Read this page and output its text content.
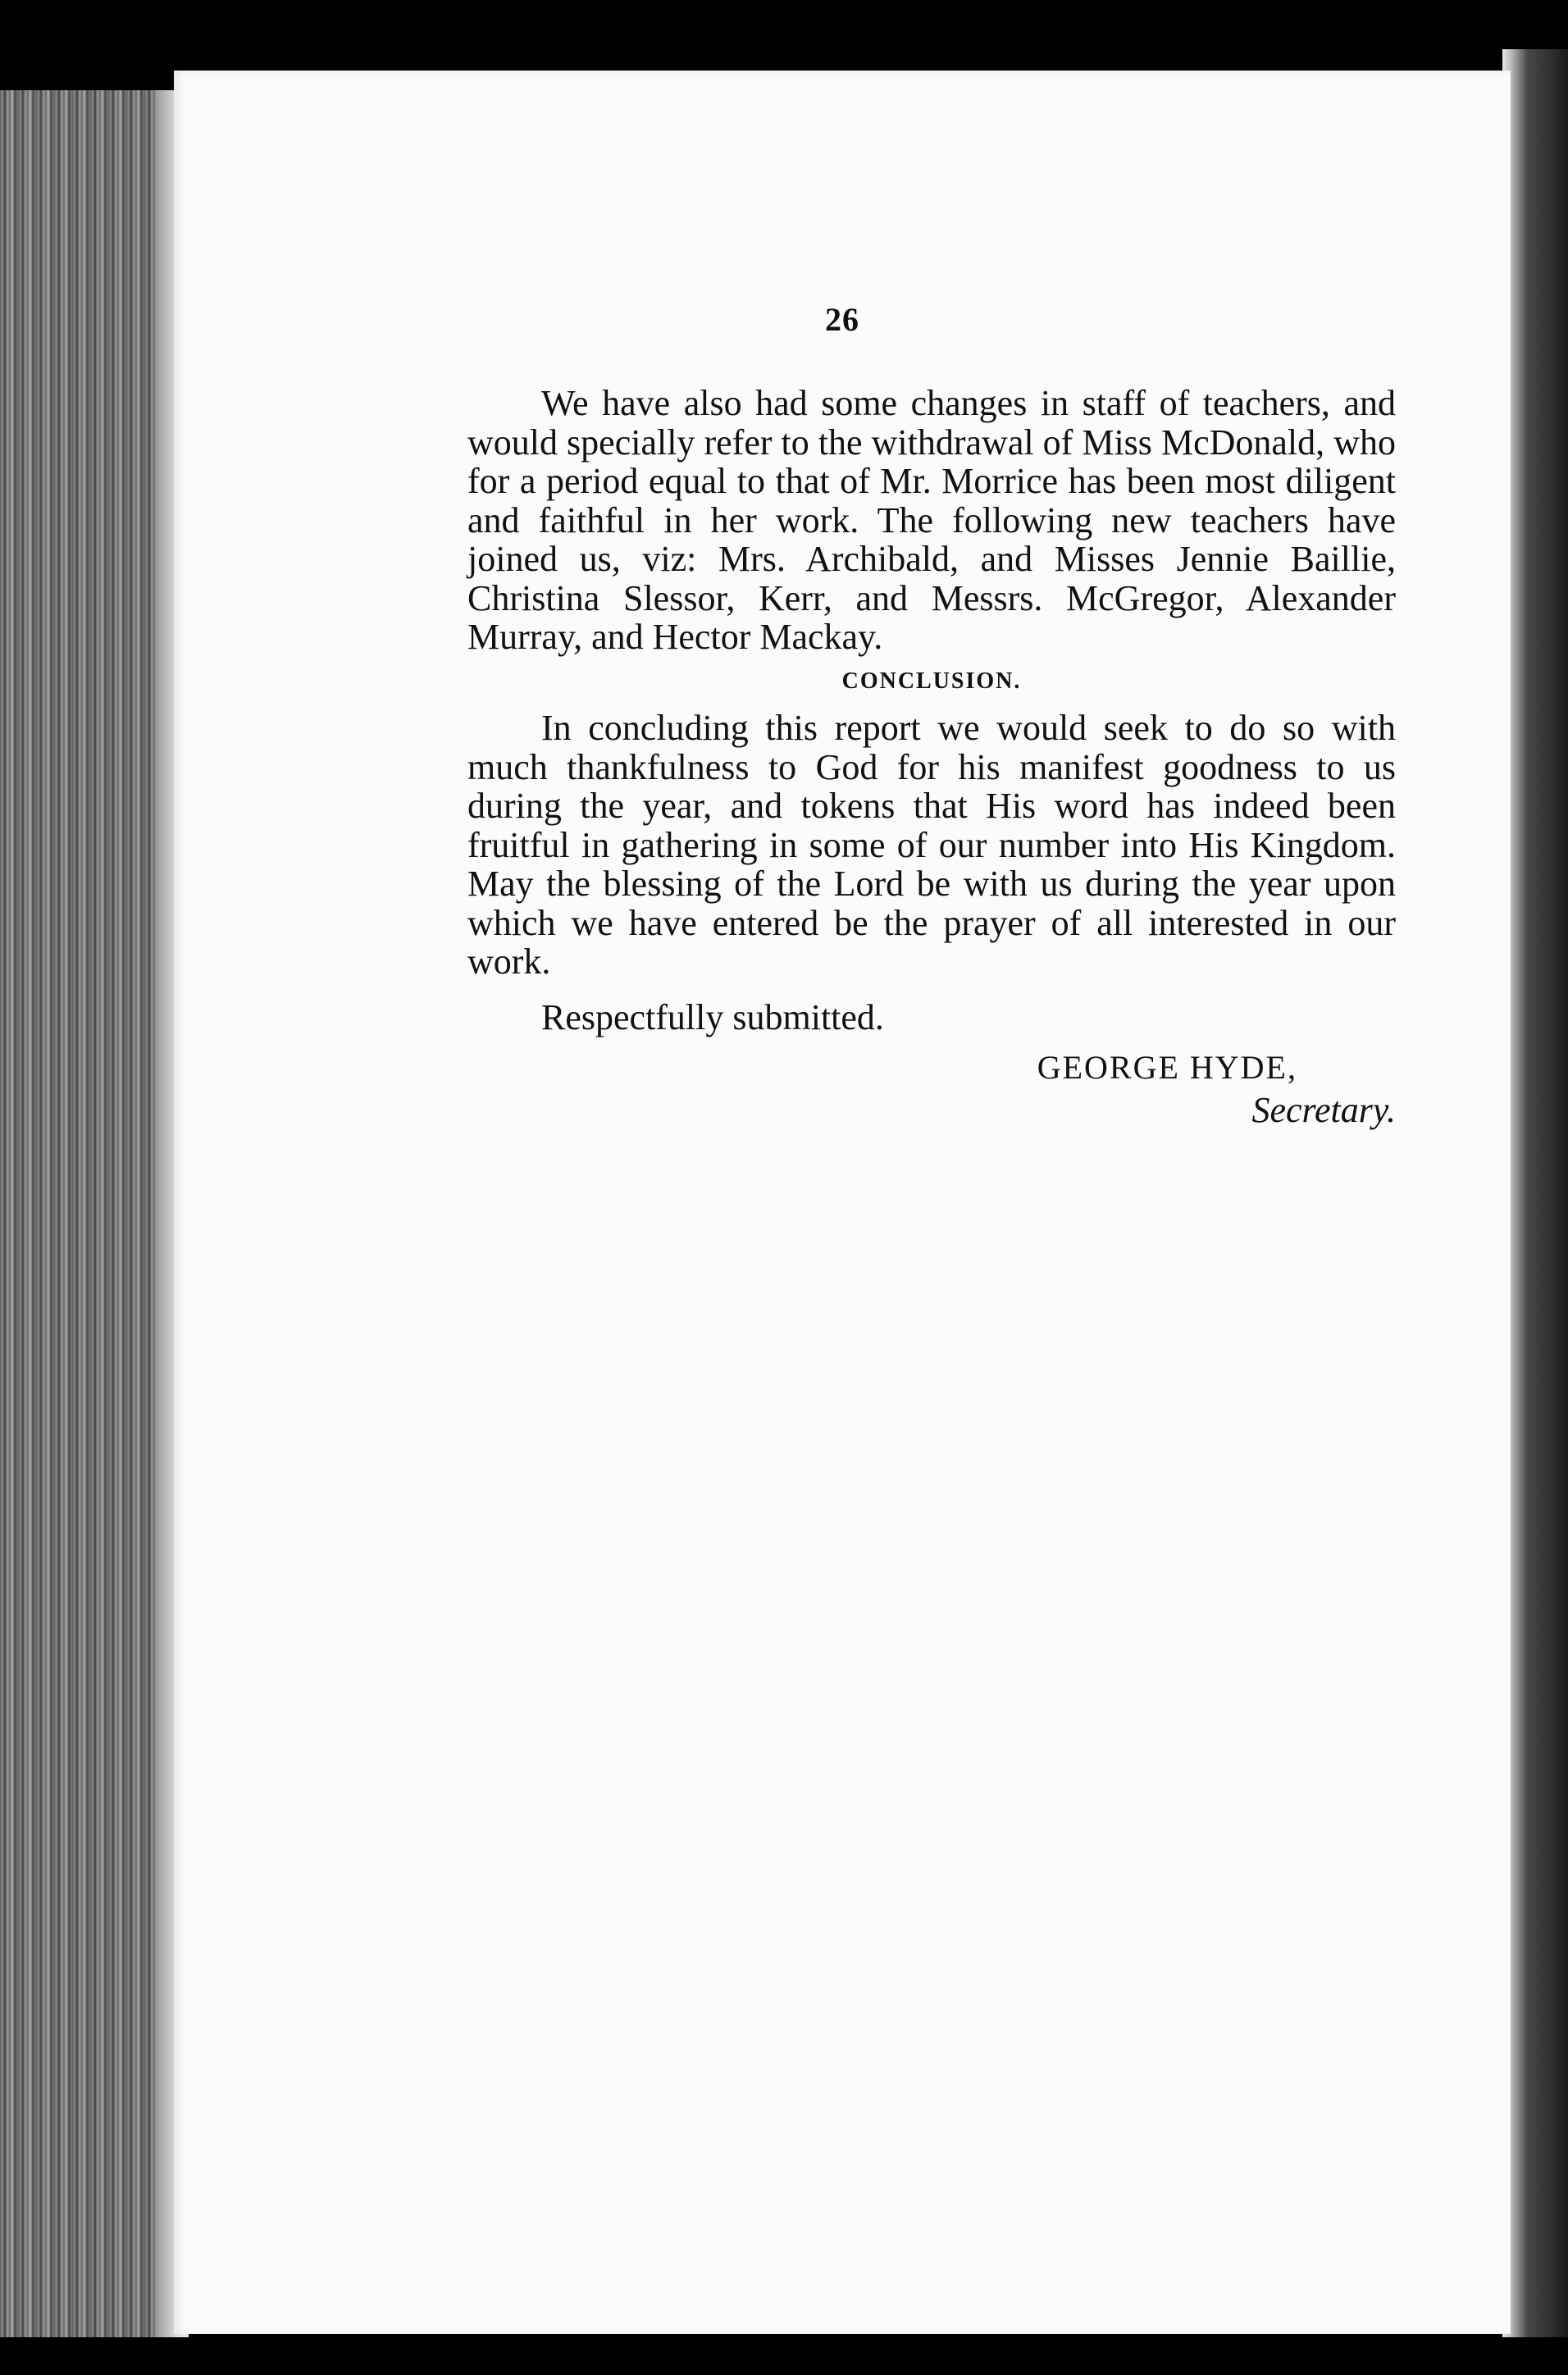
26

We have also had some changes in staff of teachers, and would specially refer to the withdrawal of Miss McDonald, who for a period equal to that of Mr. Morrice has been most diligent and faithful in her work. The following new teachers have joined us, viz: Mrs. Archibald, and Misses Jennie Baillie, Christina Slessor, Kerr, and Messrs. McGregor, Alexander Murray, and Hector Mackay.

CONCLUSION.

In concluding this report we would seek to do so with much thankfulness to God for his manifest goodness to us during the year, and tokens that His word has indeed been fruitful in gathering in some of our number into His Kingdom. May the blessing of the Lord be with us during the year upon which we have entered be the prayer of all interested in our work.

Respectfully submitted.

GEORGE HYDE,

Secretary.
